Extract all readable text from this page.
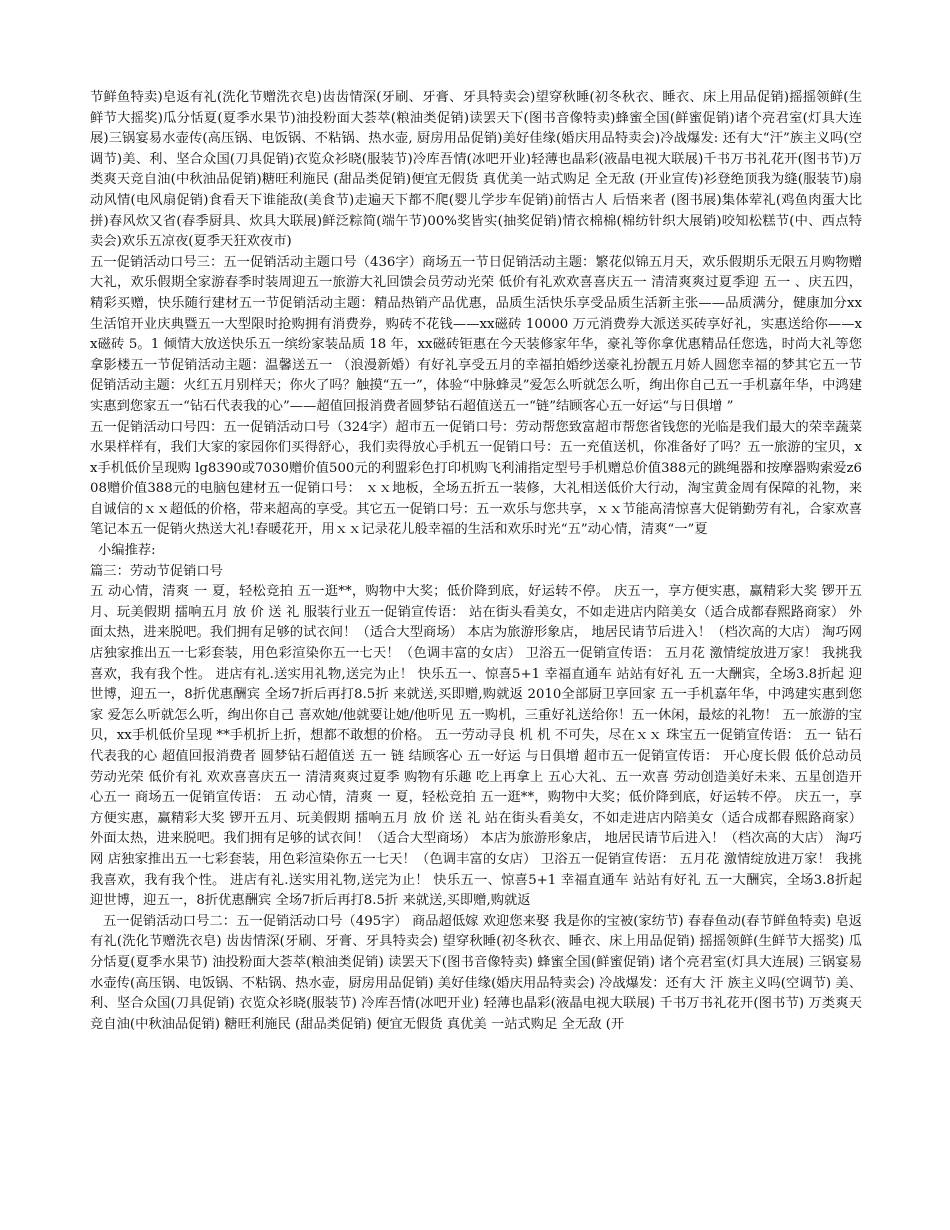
节鲜鱼特卖)皂返有礼(洗化节赠洗衣皂)齿齿情深(牙刷、牙膏、牙具特卖会)望穿秋睡(初冬秋衣、睡衣、床上用品促销)摇摇领鲜(生鲜节大摇奖)瓜分恬夏(夏季水果节)油投粉面大荟萃(粮油类促销)读罢天下(图书音像特卖)蜂蜜全国(鲜蜜促销)诸个亮君室(灯具大连展)三锅宴易水壶传(高压锅、电饭锅、不粘锅、热水壶, 厨房用品促销)美好佳缘(婚庆用品特卖会)冷战爆发: 还有大“汗”族主义吗(空调节)美、利、坚合众国(刀具促销)衣览众衫晓(服装节)冷库吾情(冰吧开业)轻薄也晶彩(液晶电视大联展)千书万书礼花开(图书节)万类爽天竞自油(中秋油品促销)糖旺利施民 (甜品类促销)便宜无假货 真优美一站式购足 全无敌 (开业宣传)衫登绝顶我为缝(服装节)扇动风情(电风扇促销)食看天下谁能敌(美食节)走遍天下都不爬(婴儿学步车促销)前悟古人 后悟来者 (图书展)集体荤礼(鸡鱼肉蛋大比拼)春风炊又省(春季厨具、炊具大联展)鲜泛粽简(端午节)00%奖皆实(抽奖促销)情衣棉棉(棉纺针织大展销)咬知松糕节(中、西点特卖会)欢乐五凉夜(夏季天狂欢夜市)

五一促销活动口号三：五一促销活动主题口号（436字）商场五一节日促销活动主题：繁花似锦五月天，欢乐假期乐无限五月购物赠大礼，欢乐假期全家游春季时装周迎五一旅游大礼回馈会员劳动光荣 低价有礼欢欢喜喜庆五一 清清爽爽过夏季迎 五一 、庆五四，精彩买赠，快乐随行建材五一节促销活动主题：精品热销产品优惠，品质生活快乐享受品质生活新主张——品质满分，健康加分xx生活馆开业庆典暨五一大型限时抢购拥有消费券，购砖不花钱——xx磁砖 10000 万元消费券大派送买砖享好礼，实惠送给你——xx磁砖 5。1 倾情大放送快乐五一缤纷家装品质 18 年，xx磁砖钜惠在今天装修家年华，豪礼等你拿优惠精品任您选，时尚大礼等您拿影楼五一节促销活动主题：温馨送五一 （浪漫新婚）有好礼享受五月的幸福拍婚纱送豪礼扮靓五月娇人圆您幸福的梦其它五一节促销活动主题：火红五月别样天；你火了吗？触摸“五一”，体验“中脉蜂灵”爱怎么听就怎么听，绚出你自己五一手机嘉年华，中鸿建实惠到您家五一“钻石代表我的心”——超值回报消费者圆梦钻石超值送五一“链”结顾客心五一好运“与日俱增 ”

五一促销活动口号四：五一促销活动口号（324字）超市五一促销口号：劳动帮您致富超市帮您省钱您的光临是我们最大的荣幸蔬菜水果样样有，我们大家的家园你们买得舒心，我们卖得放心手机五一促销口号：五一充值送机，你准备好了吗？五一旅游的宝贝，xx手机低价呈现购 lg8390或7030赠价值500元的利盟彩色打印机购飞利浦指定型号手机赠总价值388元的跳绳器和按摩器购索爱z608赠价值388元的电脑包建材五一促销口号： ｘｘ地板，全场五折五一装修，大礼相送低价大行动，淘宝黄金周有保障的礼物，来自诚信的ｘｘ超低的价格，带来超高的享受。其它五一促销口号：五一欢乐与您共享，ｘｘ节能高清惊喜大促销勤劳有礼，合家欢喜笔记本五一促销火热送大礼!春暖花开，用ｘｘ记录花儿般幸福的生活和欢乐时光“五”动心情，清爽“一”夏

小编推荐:

篇三：劳动节促销口号

五 动心情，清爽 一 夏，轻松竞拍 五一逛**，购物中大奖；低价降到底，好运转不停。 庆五一，享方便实惠，赢精彩大奖 锣开五月、玩美假期 擂响五月 放 价 送 礼 服装行业五一促销宣传语： 站在街头看美女，不如走进店内陪美女（适合成都春熙路商家） 外面太热，进来脱吧。我们拥有足够的试衣间！（适合大型商场） 本店为旅游形象店， 地居民请节后进入！（档次高的大店） 淘巧网 店独家推出五一七彩套装，用色彩渲染你五一七天！（色调丰富的女店） 卫浴五一促销宣传语： 五月花 激情绽放进万家！ 我挑我喜欢，我有我个性。 进店有礼.送实用礼物,送完为止！ 快乐五一、惊喜5+1 幸福直通车 站站有好礼 五一大酬宾，全场3.8折起 迎世博，迎五一，8折优惠酬宾 全场7折后再打8.5折 来就送,买即赠,购就返 2010全部厨卫享回家 五一手机嘉年华，中鸿建实惠到您家 爱怎么听就怎么听，绚出你自己 喜欢她/他就要让她/他听见 五一购机，三重好礼送给你！五一休闲，最炫的礼物！ 五一旅游的宝贝，xx手机低价呈现 **手机折上折，想都不敢想的价格。 五一劳动寻良 机 机 不可失，尽在ｘｘ 珠宝五一促销宣传语： 五一 钻石代表我的心 超值回报消费者 圆梦钻石超值送 五一 链 结顾客心 五一好运 与日俱增 超市五一促销宣传语： 开心度长假 低价总动员 劳动光荣 低价有礼 欢欢喜喜庆五一 清清爽爽过夏季 购物有乐趣 吃上再拿上 五心大礼、五一欢喜 劳动创造美好未来、五星创造开心五一 商场五一促销宣传语： 五 动心情，清爽 一 夏，轻松竞拍 五一逛**，购物中大奖；低价降到底，好运转不停。 庆五一，享方便实惠，赢精彩大奖 锣开五月、玩美假期 擂响五月 放 价 送 礼 站在街头看美女，不如走进店内陪美女（适合成都春熙路商家） 外面太热，进来脱吧。我们拥有足够的试衣间！（适合大型商场） 本店为旅游形象店， 地居民请节后进入！（档次高的大店） 淘巧网 店独家推出五一七彩套装，用色彩渲染你五一七天！（色调丰富的女店） 卫浴五一促销宣传语： 五月花 激情绽放进万家！ 我挑我喜欢，我有我个性。 进店有礼.送实用礼物,送完为止！ 快乐五一、惊喜5+1 幸福直通车 站站有好礼 五一大酬宾，全场3.8折起 迎世博，迎五一，8折优惠酬宾 全场7折后再打8.5折 来就送,买即赠,购就返

五一促销活动口号二：五一促销活动口号（495字） 商品超低嫁 欢迎您来娶 我是你的宝被(家纺节) 春春鱼动(春节鲜鱼特卖) 皂返有礼(洗化节赠洗衣皂) 齿齿情深(牙刷、牙膏、牙具特卖会) 望穿秋睡(初冬秋衣、睡衣、床上用品促销) 摇摇领鲜(生鲜节大摇奖) 瓜分恬夏(夏季水果节) 油投粉面大荟萃(粮油类促销) 读罢天下(图书音像特卖) 蜂蜜全国(鲜蜜促销) 诸个亮君室(灯具大连展) 三锅宴易水壶传(高压锅、电饭锅、不粘锅、热水壶，厨房用品促销) 美好佳缘(婚庆用品特卖会) 冷战爆发：还有大 汗 族主义吗(空调节) 美、利、坚合众国(刀具促销) 衣览众衫晓(服装节) 冷库吾情(冰吧开业) 轻薄也晶彩(液晶电视大联展) 千书万书礼花开(图书节) 万类爽天竞自油(中秋油品促销) 糖旺利施民 (甜品类促销) 便宜无假货 真优美 一站式购足 全无敌 (开
